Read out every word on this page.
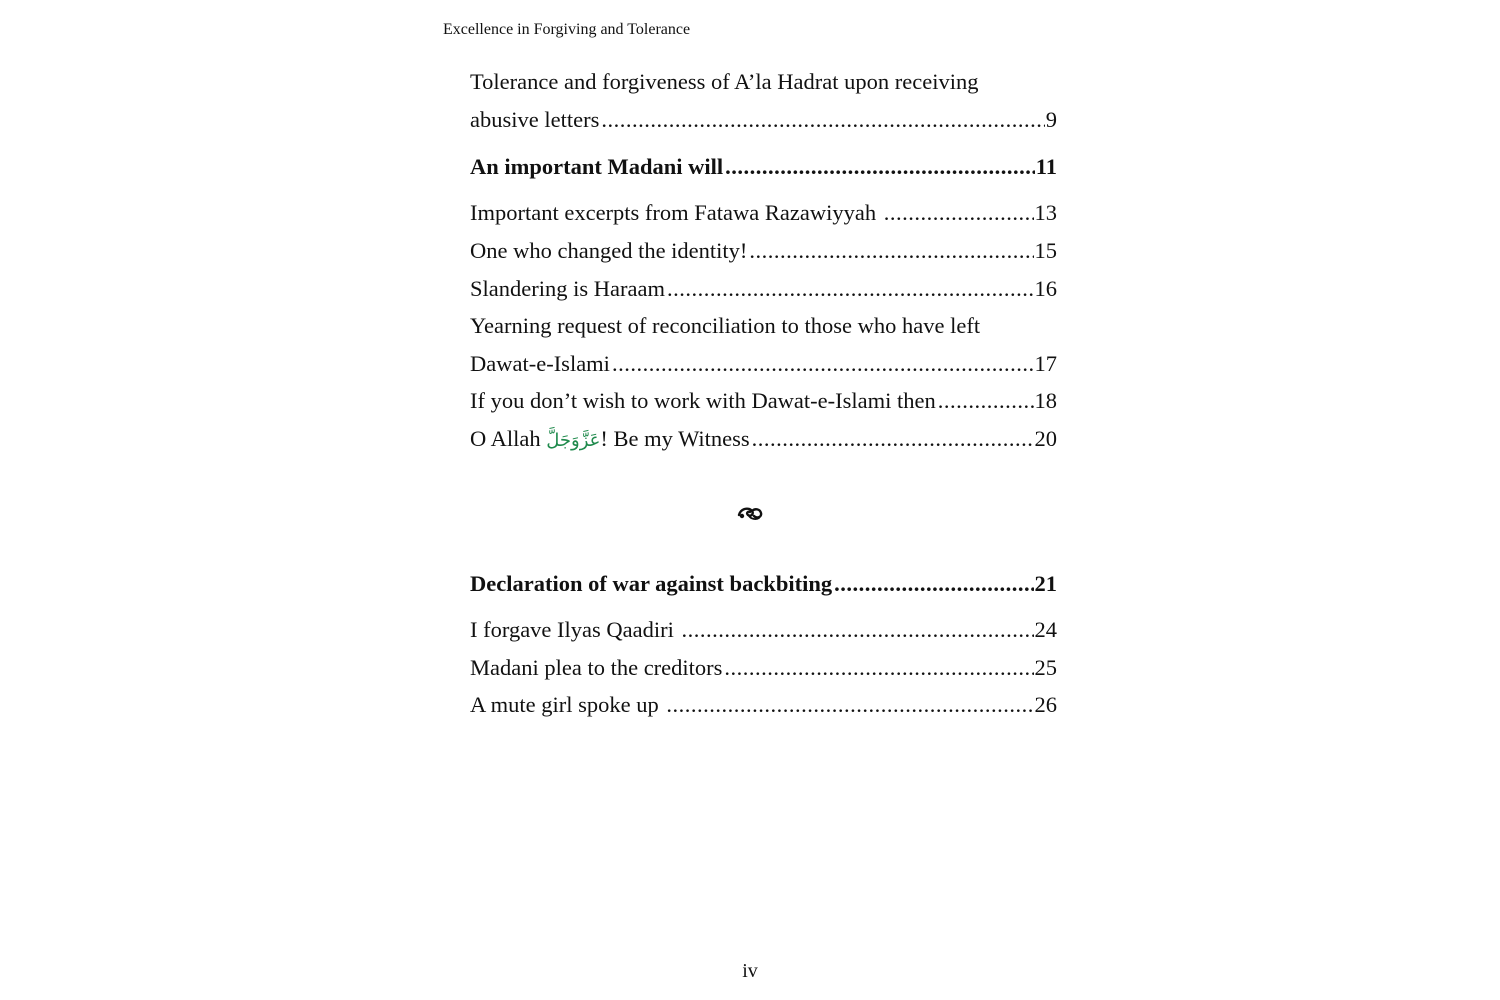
Excellence in Forgiving and Tolerance
Tolerance and forgiveness of A’la Hadrat upon receiving
abusive letters .....	9
An important Madani will .....	11
Important excerpts from Fatawa Razawiyyah .....	13
One who changed the identity! .....	15
Slandering is Haraam .....	16
Yearning request of reconciliation to those who have left
Dawat-e-Islami .....	17
If you don’t wish to work with Dawat-e-Islami then .....	18
O Allah عَزَّوَجَلَّ! Be my Witness .....	20
Declaration of war against backbiting .....	21
I forgave Ilyas Qaadiri .....	24
Madani plea to the creditors .....	25
A mute girl spoke up .....	26
iv
